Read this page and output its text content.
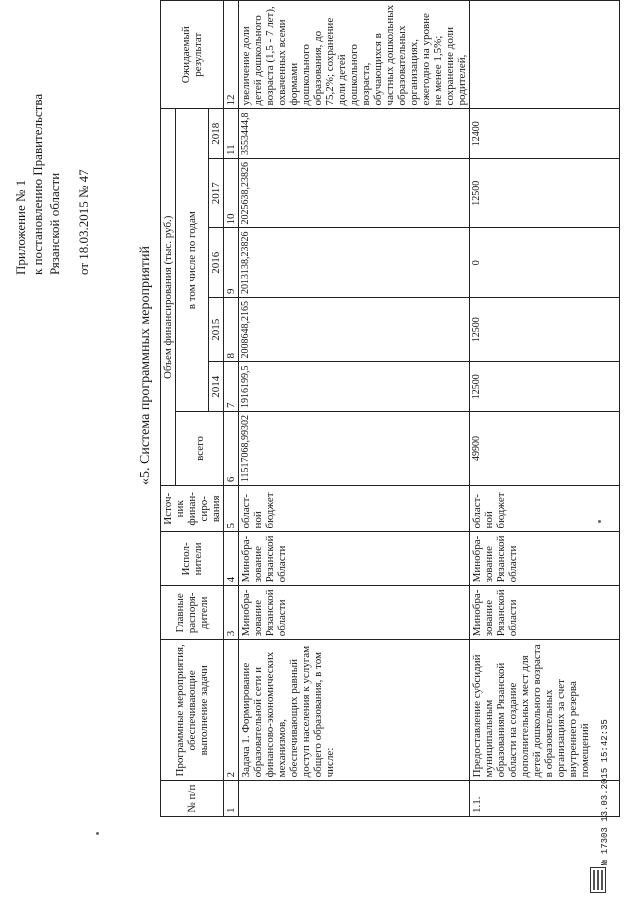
Приложение № 1 к постановлению Правительства Рязанской области от 18.03.2015 № 47
«5. Система программных мероприятий
№ п/п	Программные мероприятия, обеспечивающие выполнение задачи	Главные распоря- дители	Испол- нители	Источ- ник финан- сиро- вания	Объем финансирования (тыс. руб.)						Ожидаемый результат
					всего	в том числе по годам					
						2014	2015	2016	2017	2018	
1	2	3	4	5	6	7	8	9	10	11	12
	Задача 1. Формирование образовательной сети и финансово-экономических механизмов, обеспечивающих равный доступ населения к услугам общего образования, в том числе:	Минобра- зование Рязанской области	Минобра- зование Рязанской области	област- ной бюджет	11517068,99302	1916199,5	2008648,2165	2013138,23826	2025638,23826	3553444,8	увеличение доли детей дошкольного возраста (1,5 - 7 лет), охваченных всеми формами дошкольного образования, до 75,2%; сохранение доли детей дошкольного возраста, обучающихся в частных дошкольных образовательных организациях, ежегодно на уровне не менее 1,5%; сохранение доли родителей,
1.1.	Предоставление субсидий муниципальным образованиям Рязанской области на создание дополнительных мест для детей дошкольного возраста в образовательных организациях за счет внутреннего резерва помещений	Минобра- зование Рязанской области	Минобра- зование Рязанской области	област- ной бюджет	49900	12500	12500	0	12500	12400	
№ 17303 13.03.2015 15:42:35
